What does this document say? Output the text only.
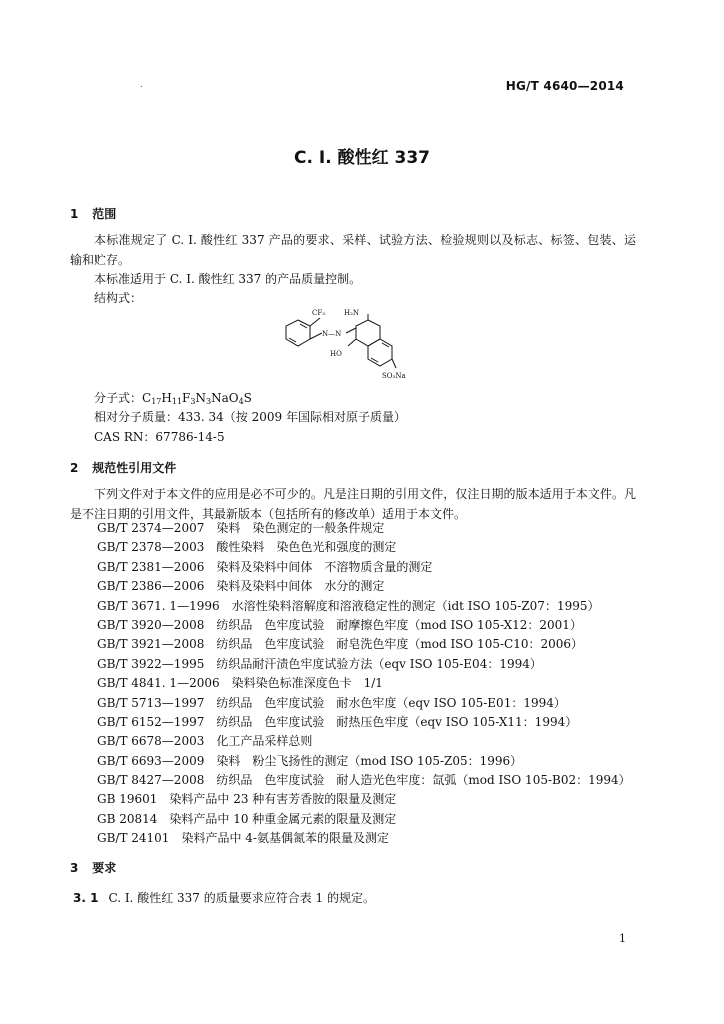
.	HG/T 4640—2014
C. I. 酸性红 337
1 范围
本标准规定了 C. I. 酸性红 337 产品的要求、采样、试验方法、检验规则以及标志、标签、包装、运输和贮存。
本标准适用于 C. I. 酸性红 337 的产品质量控制。
结构式：
CF₃	H₂N
N—N
HO
SO₃Na
分子式：$C_{17}H_{11}F_3N_3NaO_4S$
相对分子质量：433. 34（按 2009 年国际相对原子质量）
CAS RN：67786-14-5
2 规范性引用文件
下列文件对于本文件的应用是必不可少的。凡是注日期的引用文件，仅注日期的版本适用于本文件。凡是不注日期的引用文件，其最新版本（包括所有的修改单）适用于本文件。
GB/T 2374—2007　染料　染色测定的一般条件规定
GB/T 2378—2003　酸性染料　染色色光和强度的测定
GB/T 2381—2006　染料及染料中间体　不溶物质含量的测定
GB/T 2386—2006　染料及染料中间体　水分的测定
GB/T 3671. 1—1996　水溶性染料溶解度和溶液稳定性的测定（idt ISO 105-Z07：1995）
GB/T 3920—2008　纺织品　色牢度试验　耐摩擦色牢度（mod ISO 105-X12：2001）
GB/T 3921—2008　纺织品　色牢度试验　耐皂洗色牢度（mod ISO 105-C10：2006）
GB/T 3922—1995　纺织品耐汗渍色牢度试验方法（eqv ISO 105-E04：1994）
GB/T 4841. 1—2006　染料染色标准深度色卡　1/1
GB/T 5713—1997　纺织品　色牢度试验　耐水色牢度（eqv ISO 105-E01：1994）
GB/T 6152—1997　纺织品　色牢度试验　耐热压色牢度（eqv ISO 105-X11：1994）
GB/T 6678—2003　化工产品采样总则
GB/T 6693—2009　染料　粉尘飞扬性的测定（mod ISO 105-Z05：1996）
GB/T 8427—2008　纺织品　色牢度试验　耐人造光色牢度：氙弧（mod ISO 105-B02：1994）
GB 19601　染料产品中 23 种有害芳香胺的限量及测定
GB 20814　染料产品中 10 种重金属元素的限量及测定
GB/T 24101　染料产品中 4-氨基偶氮苯的限量及测定
3 要求
3. 1 C. I. 酸性红 337 的质量要求应符合表 1 的规定。
1
